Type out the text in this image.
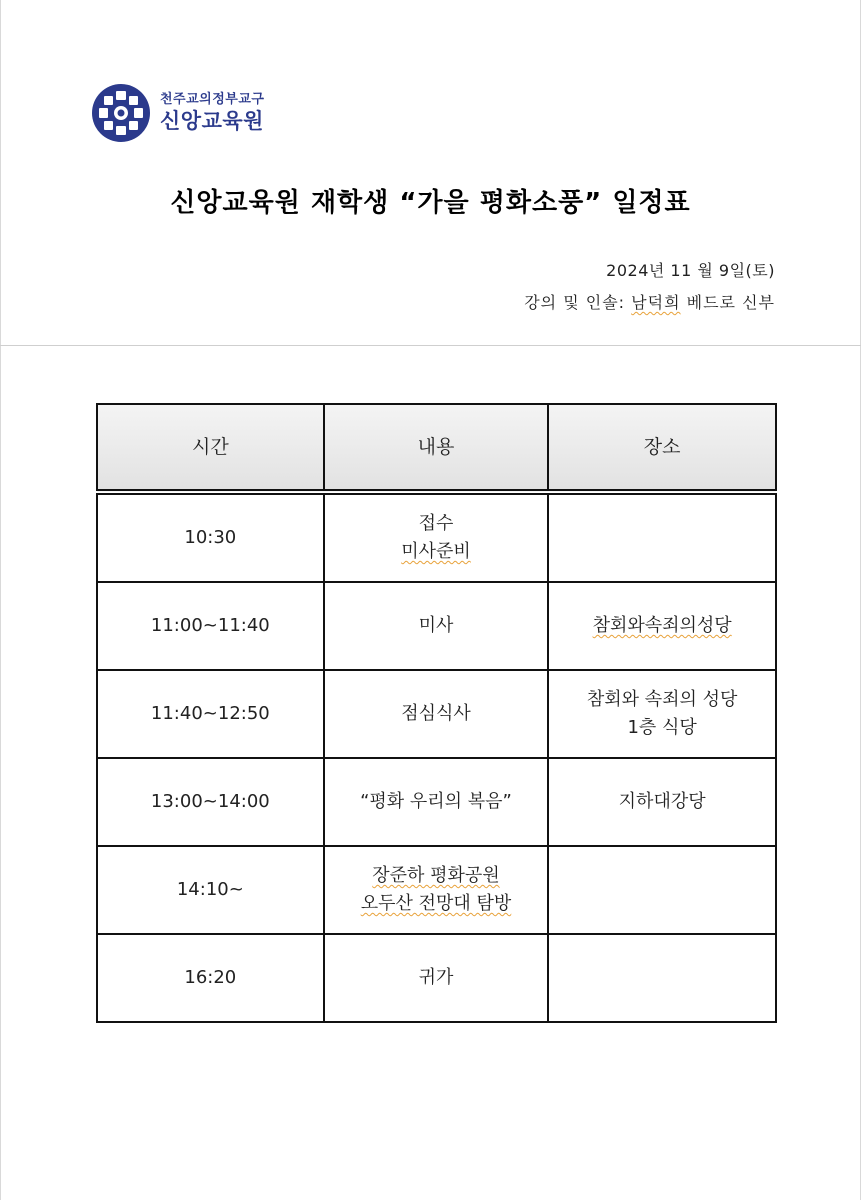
천주교의정부교구
신앙교육원
신앙교육원 재학생 “가을 평화소풍” 일정표
2024년 11 월 9일(토)
강의 및 인솔: 남덕희 베드로 신부
시간	내용	장소
10:30	접수
미사준비	

11:00~11:40	미사	참회와속죄의성당

11:40~12:50	점심식사	참회와 속죄의 성당
1층 식당

13:00~14:00	“평화 우리의 복음”	지하대강당

14:10~	장준하 평화공원
오두산 전망대 탐방	

16:20	귀가	
